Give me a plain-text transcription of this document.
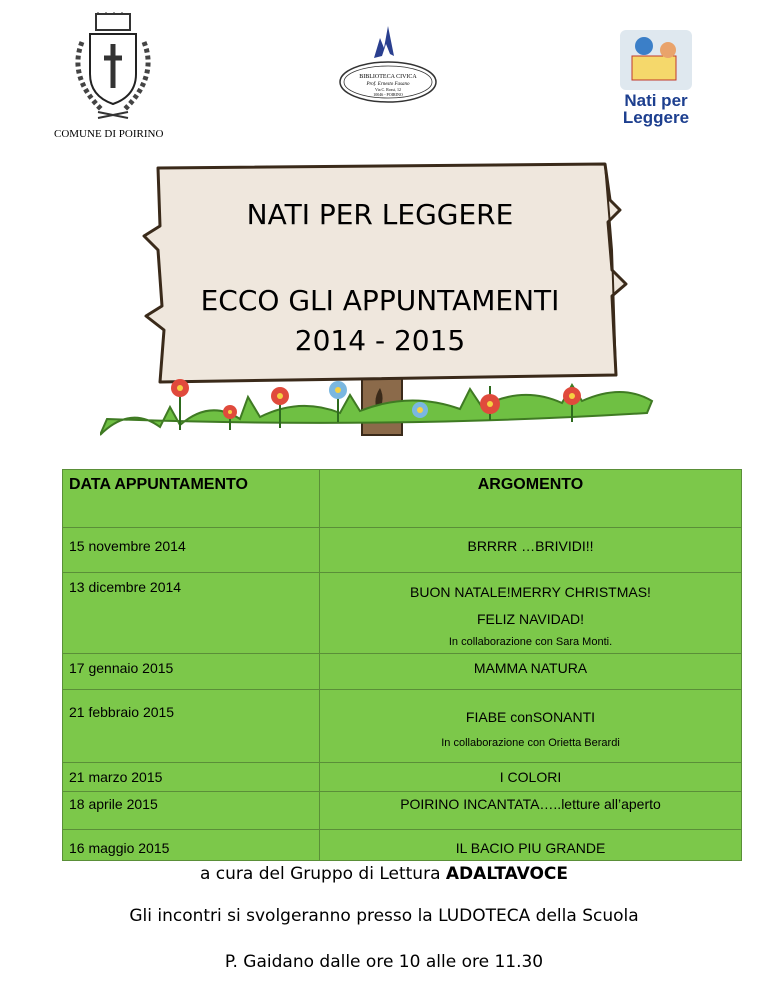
COMUNE DI POIRINO
BIBLIOTECA CIVICA
Prof. Ernesto Fasano
Via C. Rossi, 12
10046 - POIRINO	Nati per
Leggere
NATI PER LEGGERE
ECCO GLI APPUNTAMENTI
2014 - 2015
DATA APPUNTAMENTO	ARGOMENTO
15 novembre 2014	BRRRR …BRIVIDI!!
13 dicembre 2014	BUON NATALE!MERRY CHRISTMAS!
FELIZ NAVIDAD!
In collaborazione con Sara Monti.

17 gennaio 2015	MAMMA NATURA
21 febbraio 2015	FIABE conSONANTI
In collaborazione con Orietta Berardi

21 marzo 2015	I COLORI
18 aprile 2015	POIRINO INCANTATA…..letture all’aperto
16 maggio 2015	IL BACIO PIU GRANDE
a cura del Gruppo di Lettura ADALTAVOCE
Gli incontri si svolgeranno presso la LUDOTECA della Scuola
P. Gaidano dalle ore 10 alle ore 11.30
